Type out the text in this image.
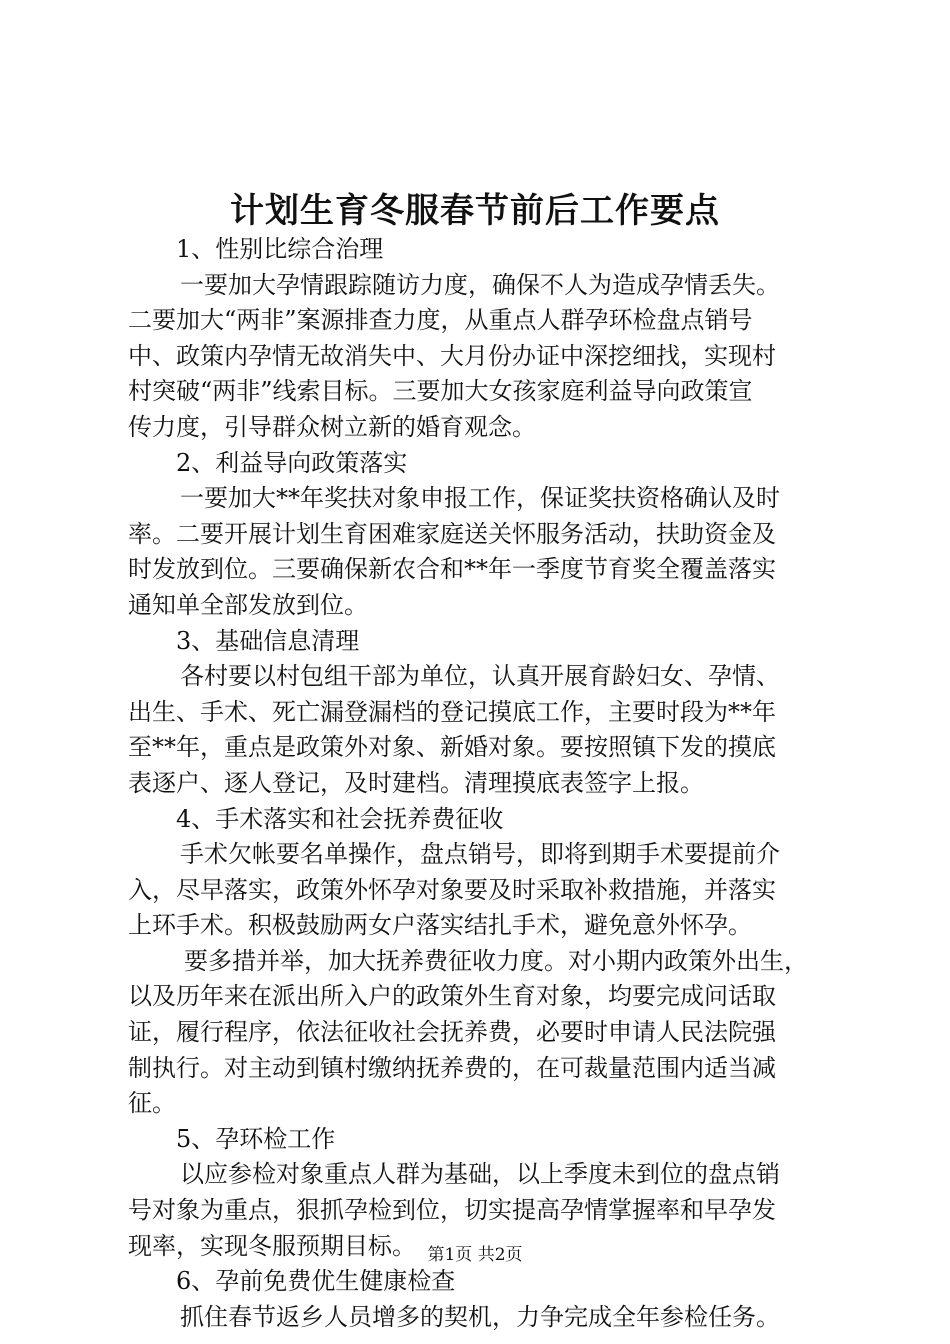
计划生育冬服春节前后工作要点

1、性别比综合治理

一要加大孕情跟踪随访力度，确保不人为造成孕情丢失。

二要加大“两非”案源排查力度，从重点人群孕环检盘点销号

中、政策内孕情无故消失中、大月份办证中深挖细找，实现村

村突破“两非”线索目标。三要加大女孩家庭利益导向政策宣

传力度，引导群众树立新的婚育观念。

2、利益导向政策落实

一要加大**年奖扶对象申报工作，保证奖扶资格确认及时

率。二要开展计划生育困难家庭送关怀服务活动，扶助资金及

时发放到位。三要确保新农合和**年一季度节育奖全覆盖落实

通知单全部发放到位。

3、基础信息清理

各村要以村包组干部为单位，认真开展育龄妇女、孕情、

出生、手术、死亡漏登漏档的登记摸底工作，主要时段为**年

至**年，重点是政策外对象、新婚对象。要按照镇下发的摸底

表逐户、逐人登记，及时建档。清理摸底表签字上报。

4、手术落实和社会抚养费征收

手术欠帐要名单操作，盘点销号，即将到期手术要提前介

入，尽早落实，政策外怀孕对象要及时采取补救措施，并落实

上环手术。积极鼓励两女户落实结扎手术，避免意外怀孕。

要多措并举，加大抚养费征收力度。对小期内政策外出生，

以及历年来在派出所入户的政策外生育对象，均要完成问话取

证，履行程序，依法征收社会抚养费，必要时申请人民法院强

制执行。对主动到镇村缴纳抚养费的，在可裁量范围内适当减

征。

5、孕环检工作

以应参检对象重点人群为基础，以上季度未到位的盘点销

号对象为重点，狠抓孕检到位，切实提高孕情掌握率和早孕发

现率，实现冬服预期目标。

6、孕前免费优生健康检查

抓住春节返乡人员增多的契机，力争完成全年参检任务。

第1页 共2页
